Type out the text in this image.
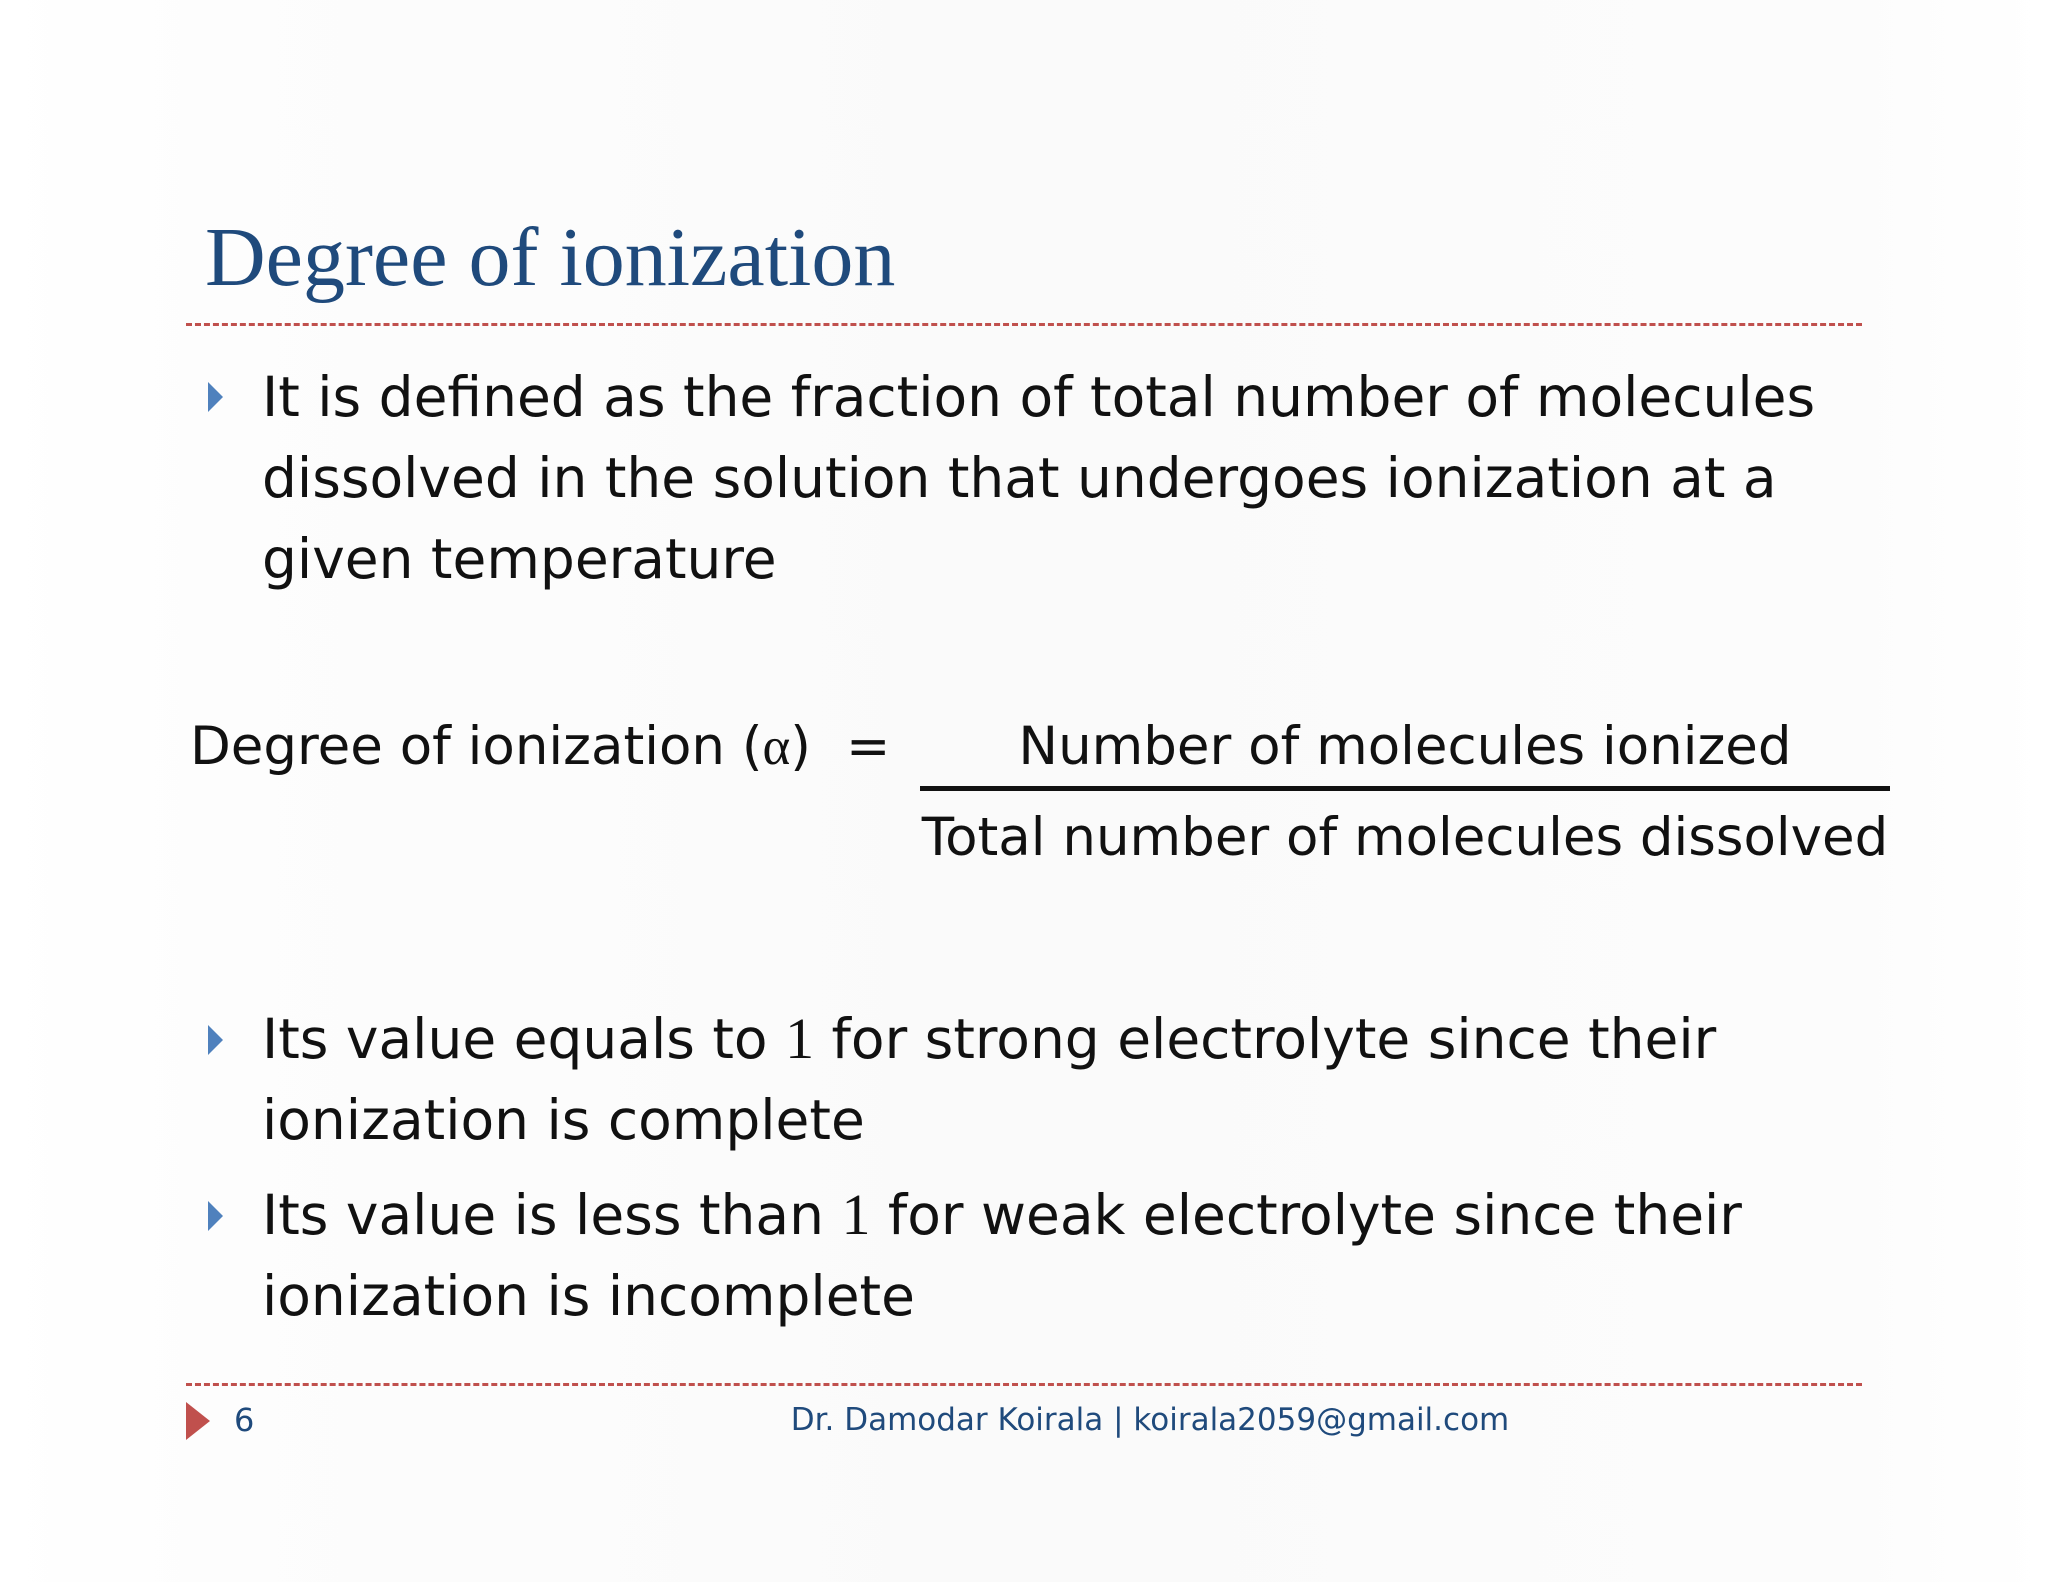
Degree of ionization
It is defined as the fraction of total number of molecules dissolved in the solution that undergoes ionization at a given temperature
Degree of ionization (α) =	Number of molecules ionized
Total number of molecules dissolved
Its value equals to 1 for strong electrolyte since their ionization is complete
Its value is less than 1 for weak electrolyte since their ionization is incomplete
6	Dr. Damodar Koirala | koirala2059@gmail.com
